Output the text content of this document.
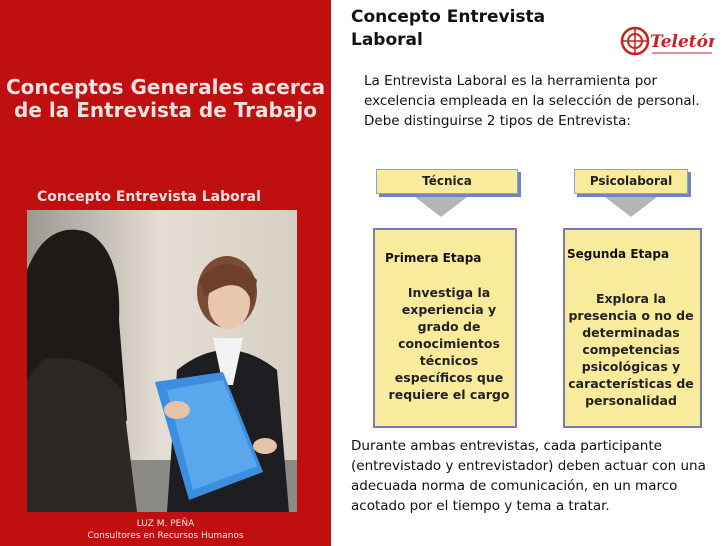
Conceptos Generales acerca de la Entrevista de Trabajo
Concepto Entrevista Laboral
LUZ M. PEÑA
Consultores en Recursos Humanos
Concepto Entrevista
Laboral	Teletón
La Entrevista Laboral es la herramienta por excelencia empleada en la selección de personal. Debe distinguirse 2 tipos de Entrevista:
Técnica	Psicolaboral
Primera Etapa	Segunda Etapa
Investiga la experiencia y grado de conocimientos técnicos específicos que requiere el cargo
Explora la presencia o no de determinadas competencias psicológicas y características de personalidad
Durante ambas entrevistas, cada participante (entrevistado y entrevistador) deben actuar con una adecuada norma de comunicación, en un marco acotado por el tiempo y tema a tratar.
